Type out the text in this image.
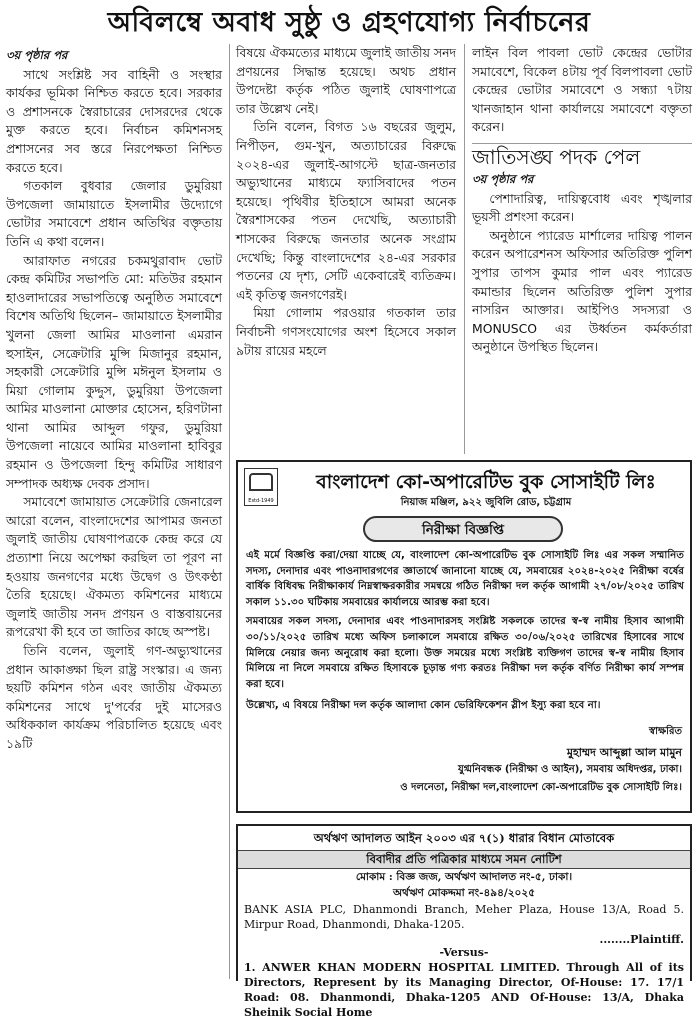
অবিলম্বে অবাধ সুষ্ঠু ও গ্রহণযোগ্য নির্বাচনের

৩য় পৃষ্ঠার পর

সাথে সংশ্লিষ্ট সব বাহিনী ও সংস্থার কার্যকর ভূমিকা নিশ্চিত করতে হবে। সরকার ও প্রশাসনকে স্বৈরাচারের দোসরদের থেকে মুক্ত করতে হবে। নির্বাচন কমিশনসহ প্রশাসনের সব স্তরে নিরপেক্ষতা নিশ্চিত করতে হবে।

গতকাল বুধবার জেলার ডুমুরিয়া উপজেলা জামায়াতে ইসলামীর উদ্যোগে ভোটার সমাবেশে প্রধান অতিথির বক্তৃতায় তিনি এ কথা বলেন।

আরাফাত নগরের চকমথুরাবাদ ভোট কেন্দ্র কমিটির সভাপতি মো: মতিউর রহমান হাওলাদারের সভাপতিত্বে অনুষ্ঠিত সমাবেশে বিশেষ অতিথি ছিলেন– জামায়াতে ইসলামীর খুলনা জেলা আমির মাওলানা এমরান হুসাইন, সেক্রেটারি মুন্সি মিজানুর রহমান, সহকারী সেক্রেটারি মুন্সি মঈনুল ইসলাম ও মিয়া গোলাম কুদ্দুস, ডুমুরিয়া উপজেলা আমির মাওলানা মোক্তার হোসেন, হরিণটানা থানা আমির আব্দুল গফুর, ডুমুরিয়া উপজেলা নায়েবে আমির মাওলানা হাবিবুর রহমান ও উপজেলা হিন্দু কমিটির সাধারণ সম্পাদক অধ্যক্ষ দেবক প্রসাদ।

সমাবেশে জামায়াত সেক্রেটারি জেনারেল আরো বলেন, বাংলাদেশের আপামর জনতা জুলাই জাতীয় ঘোষণাপত্রকে কেন্দ্র করে যে প্রত্যাশা নিয়ে অপেক্ষা করছিল তা পূরণ না হওয়ায় জনগণের মধ্যে উদ্বেগ ও উৎকণ্ঠা তৈরি হয়েছে। ঐকমত্য কমিশনের মাধ্যমে জুলাই জাতীয় সনদ প্রণয়ন ও বাস্তবায়নের রূপরেখা কী হবে তা জাতির কাছে অস্পষ্ট।

তিনি বলেন, জুলাই গণ-অভ্যুত্থানের প্রধান আকাঙ্ক্ষা ছিল রাষ্ট্র সংস্কার। এ জন্য ছয়টি কমিশন গঠন এবং জাতীয় ঐকমত্য কমিশনের সাথে দু'পর্বের দুই মাসেরও অধিককাল কার্যক্রম পরিচালিত হয়েছে এবং ১৯টি

বিষয়ে ঐকমত্যের মাধ্যমে জুলাই জাতীয় সনদ প্রণয়নের সিদ্ধান্ত হয়েছে। অথচ প্রধান উপদেষ্টা কর্তৃক পঠিত জুলাই ঘোষণাপত্রে তার উল্লেখ নেই।

তিনি বলেন, বিগত ১৬ বছরের জুলুম, নিপীড়ন, গুম-খুন, অত্যাচারের বিরুদ্ধে ২০২৪-এর জুলাই-আগস্টে ছাত্র-জনতার অভ্যুত্থানের মাধ্যমে ফ্যাসিবাদের পতন হয়েছে। পৃথিবীর ইতিহাসে আমরা অনেক স্বৈরশাসকের পতন দেখেছি, অত্যাচারী শাসকের বিরুদ্ধে জনতার অনেক সংগ্রাম দেখেছি; কিন্তু বাংলাদেশের ২৪-এর সরকার পতনের যে দৃশ্য, সেটি একেবারেই ব্যতিক্রম। এই কৃতিত্ব জনগণেরই।

মিয়া গোলাম পরওয়ার গতকাল তার নির্বাচনী গণসংযোগের অংশ হিসেবে সকাল ৯টায় রায়ের মহলে

লাইন বিল পাবলা ভোট কেন্দ্রের ভোটার সমাবেশে, বিকেল ৪টায় পূর্ব বিলপাবলা ভোট কেন্দ্রের ভোটার সমাবেশে ও সন্ধ্যা ৭টায় খানজাহান থানা কার্যালয়ে সমাবেশে বক্তৃতা করেন।

জাতিসঙ্ঘ পদক পেল

৩য় পৃষ্ঠার পর

পেশাদারিত্ব, দায়িত্ববোধ এবং শৃঙ্খলার ভূয়সী প্রশংসা করেন।

অনুষ্ঠানে প্যারেড মার্শালের দায়িত্ব পালন করেন অপারেশনস অফিসার অতিরিক্ত পুলিশ সুপার তাপস কুমার পাল এবং প্যারেড কমান্ডার ছিলেন অতিরিক্ত পুলিশ সুপার নাসরিন আক্তার। আইপিও সদস্যরা ও MONUSCO এর উর্ধ্বতন কর্মকর্তারা অনুষ্ঠানে উপস্থিত ছিলেন।

Estd-1949
বাংলাদেশ কো-অপারেটিভ বুক সোসাইটি লিঃ
নিয়াজ মঞ্জিল, ৯২২ জুবিলি রোড, চট্টগ্রাম
নিরীক্ষা বিজ্ঞপ্তি

এই মর্মে বিজ্ঞপ্তি করা/দেয়া যাচ্ছে যে, বাংলাদেশ কো-অপারেটিভ বুক সোসাইটি লিঃ এর সকল সম্মানিত সদস্য, দেনাদার এবং পাওনাদারগণের জ্ঞাতার্থে জানানো যাচ্ছে যে, সমবায়ের ২০২৪-২০২৫ নিরীক্ষা বর্ষের বার্ষিক বিধিবদ্ধ নিরীক্ষাকার্য নিম্নস্বাক্ষরকারীর সমন্বয়ে গঠিত নিরীক্ষা দল কর্তৃক আগামী ২৭/০৮/২০২৫ তারিখ সকাল ১১.৩০ ঘটিকায় সমবায়ের কার্যালয়ে আরম্ভ করা হবে।

সমবায়ের সকল সদস্য, দেনাদার এবং পাওনাদারসহ সংশ্লিষ্ট সকলকে তাদের স্ব-স্ব নামীয় হিসাব আগামী ৩০/১১/২০২৫ তারিখ মধ্যে অফিস চলাকালে সমবায়ে রক্ষিত ৩০/০৬/২০২৫ তারিখের হিসাবের সাথে মিলিয়ে নেয়ার জন্য অনুরোধ করা হলো। উক্ত সময়ের মধ্যে সংশ্লিষ্ট ব্যক্তিগণ তাদের স্ব-স্ব নামীয় হিসাব মিলিয়ে না নিলে সমবায়ে রক্ষিত হিসাবকে চূড়ান্ত গণ্য করতঃ নিরীক্ষা দল কর্তৃক বর্ণিত নিরীক্ষা কার্য সম্পন্ন করা হবে।

উল্লেখ্য, এ বিষয়ে নিরীক্ষা দল কর্তৃক আলাদা কোন ভেরিফিকেশন স্লীপ ইস্যু করা হবে না।

স্বাক্ষরিত
মুহাম্মদ আব্দুল্লা আল মামুন
যুগ্মনিবন্ধক (নিরীক্ষা ও আইন), সমবায় অধিদপ্তর, ঢাকা।
ও দলনেতা, নিরীক্ষা দল,বাংলাদেশ কো-অপারেটিভ বুক সোসাইটি লিঃ।
অর্থঋণ আদালত আইন ২০০৩ এর ৭(১) ধারার বিধান মোতাবেক
বিবাদীর প্রতি পত্রিকার মাধ্যমে সমন নোটিশ
মোকাম : বিজ্ঞ জজ, অর্থঋণ আদালত নং-৫, ঢাকা।
অর্থঋণ মোকদ্দমা নং-৪৯৪/২০২৫
BANK ASIA PLC, Dhanmondi Branch, Meher Plaza, House 13/A, Road 5. Mirpur Road, Dhanmondi, Dhaka-1205.
........Plaintiff.
-Versus-
1. ANWER KHAN MODERN HOSPITAL LIMITED. Through All of its Directors, Represent by its Managing Director, Of-House: 17. 17/1 Road: 08. Dhanmondi, Dhaka-1205 AND Of-House: 13/A, Dhaka Sheinik Social Home
